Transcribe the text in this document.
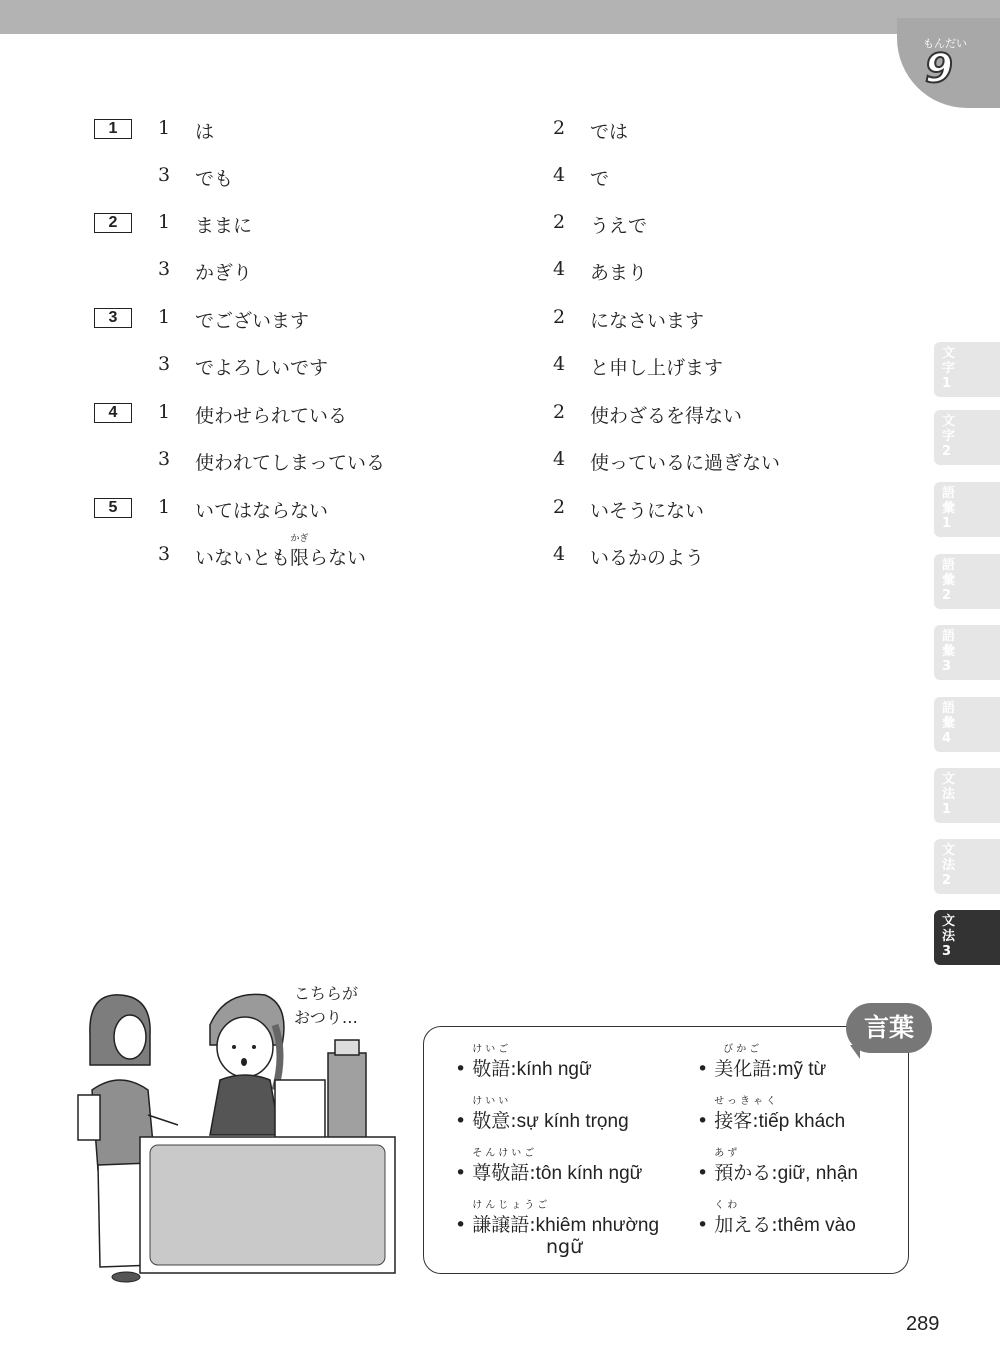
もんだい
9
1	1 は	2 では
3 でも	4 で
2	1 ままに	2 うえで
3 かぎり	4 あまり
3	1 でございます	2 になさいます
3 でよろしいです	4 と申し上げます
4	1 使わせられている	2 使わざるを得ない
3 使われてしまっている	4 使っているに過ぎない
5	1 いてはならない	2 いそうにない
3 いないとも
かぎ
限らない	4 いるかのよう
文
字
1
文
字
2
語
彙
1
語
彙
2
語
彙
3
語
彙
4
文
法
1
文
法
2
文
法
3
こちらが
おつり…	言葉
•
けいご
敬語:kính ngữ	•
びかご
美化語:mỹ từ
•
けいい
敬意:sự kính trọng	•
せっきゃく
接客:tiếp khách
•
そんけいご
尊敬語:tôn kính ngữ	•
あず
預かる:giữ, nhận
•
けんじょうご
謙譲語:khiêm nhường
ngữ
•
くわ
加える:thêm vào
289
